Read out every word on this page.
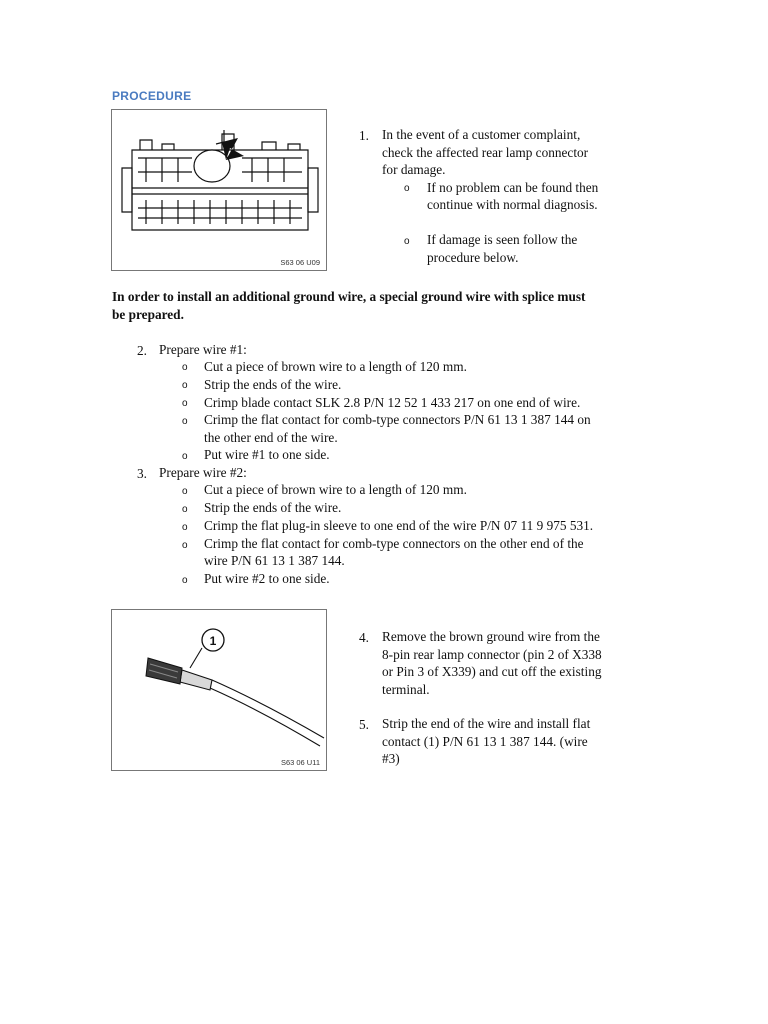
PROCEDURE
S63 06 U09
1. In the event of a customer complaint,
check the affected rear lamp connector
for damage.
o If no problem can be found then
continue with normal diagnosis.
o If damage is seen follow the
procedure below.
In order to install an additional ground wire, a special ground wire with splice must
be prepared.
2. Prepare wire #1:
o Cut a piece of brown wire to a length of 120 mm.
o Strip the ends of the wire.
o Crimp blade contact SLK 2.8 P/N 12 52 1 433 217 on one end of wire.
o Crimp the flat contact for comb-type connectors P/N 61 13 1 387 144 on
the other end of the wire.
o Put wire #1 to one side.
3. Prepare wire #2:
o Cut a piece of brown wire to a length of 120 mm.
o Strip the ends of the wire.
o Crimp the flat plug-in sleeve to one end of the wire P/N 07 11 9 975 531.
o Crimp the flat contact for comb-type connectors on the other end of the
wire P/N 61 13 1 387 144.
o Put wire #2 to one side.
1
S63 06 U11
4. Remove the brown ground wire from the
8-pin rear lamp connector (pin 2 of X338
or Pin 3 of X339) and cut off the existing
terminal.
5. Strip the end of the wire and install flat
contact (1) P/N 61 13 1 387 144. (wire
#3)
